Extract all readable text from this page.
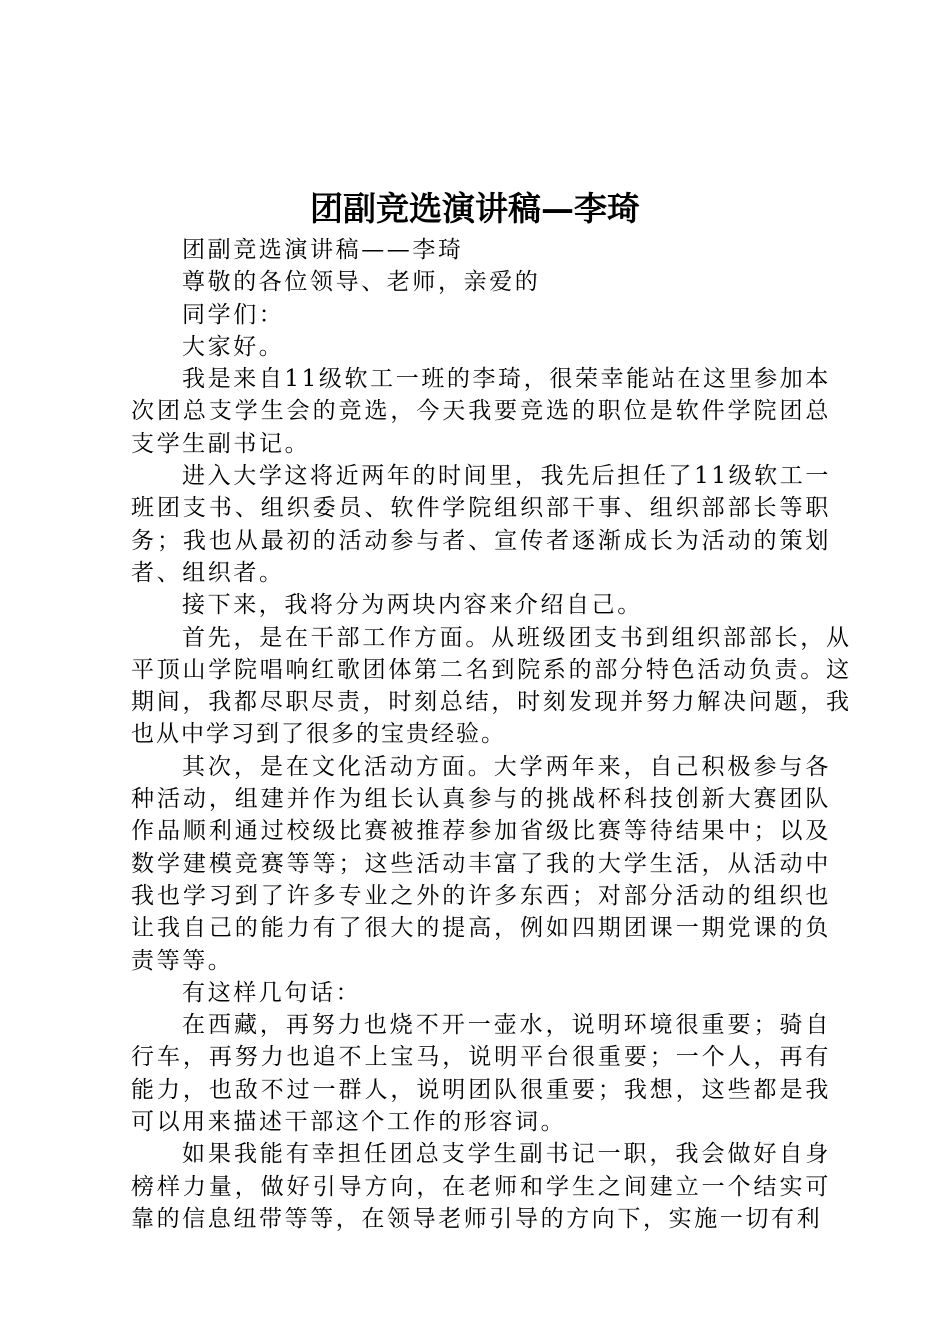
团副竞选演讲稿—李琦

团副竞选演讲稿——李琦

尊敬的各位领导、老师，亲爱的

同学们：

大家好。

我是来自11级软工一班的李琦，很荣幸能站在这里参加本次团总支学生会的竞选，今天我要竞选的职位是软件学院团总支学生副书记。

进入大学这将近两年的时间里，我先后担任了11级软工一班团支书、组织委员、软件学院组织部干事、组织部部长等职务；我也从最初的活动参与者、宣传者逐渐成长为活动的策划者、组织者。

接下来，我将分为两块内容来介绍自己。

首先，是在干部工作方面。从班级团支书到组织部部长，从平顶山学院唱响红歌团体第二名到院系的部分特色活动负责。这期间，我都尽职尽责，时刻总结，时刻发现并努力解决问题，我也从中学习到了很多的宝贵经验。

其次，是在文化活动方面。大学两年来，自己积极参与各种活动，组建并作为组长认真参与的挑战杯科技创新大赛团队作品顺利通过校级比赛被推荐参加省级比赛等待结果中；以及数学建模竞赛等等；这些活动丰富了我的大学生活，从活动中我也学习到了许多专业之外的许多东西；对部分活动的组织也让我自己的能力有了很大的提高，例如四期团课一期党课的负责等等。

有这样几句话：

在西藏，再努力也烧不开一壶水，说明环境很重要；骑自行车，再努力也追不上宝马，说明平台很重要；一个人，再有能力，也敌不过一群人，说明团队很重要；我想，这些都是我可以用来描述干部这个工作的形容词。

如果我能有幸担任团总支学生副书记一职，我会做好自身榜样力量，做好引导方向，在老师和学生之间建立一个结实可靠的信息纽带等等，在领导老师引导的方向下，实施一切有利
